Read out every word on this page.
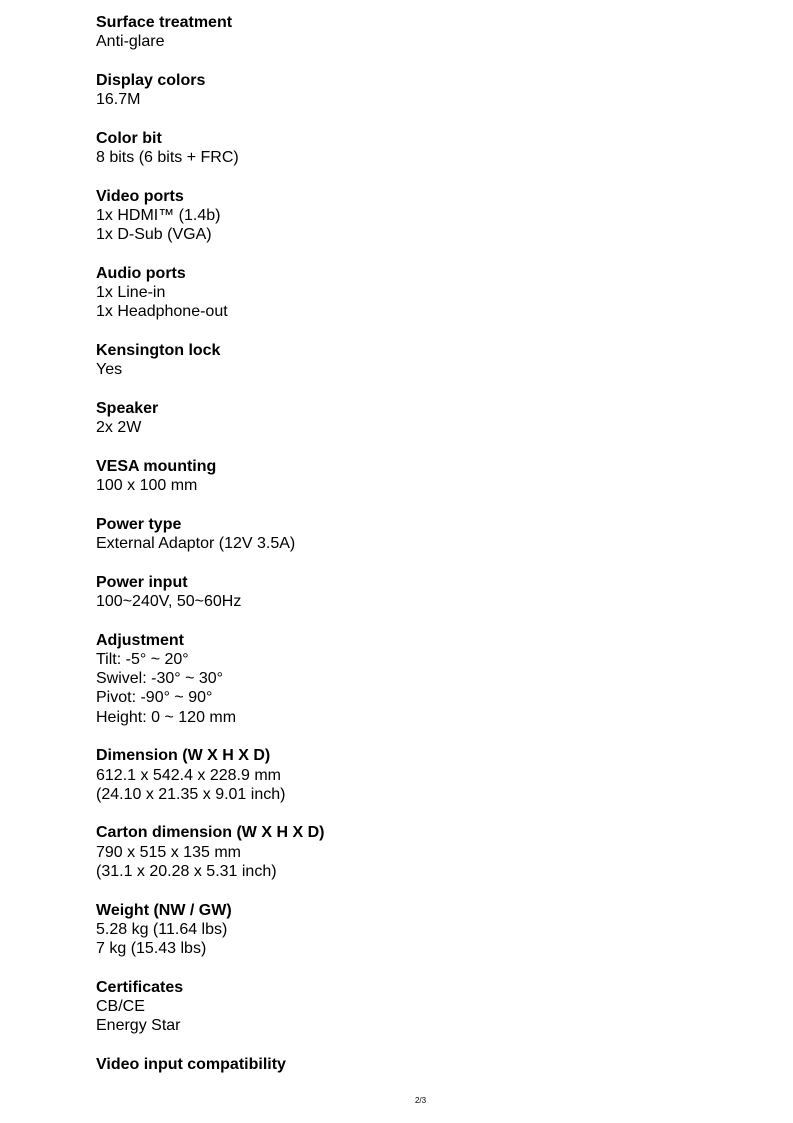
Surface treatment
Anti-glare
Display colors
16.7M
Color bit
8 bits (6 bits + FRC)
Video ports
1x HDMI™ (1.4b)
1x D-Sub (VGA)
Audio ports
1x Line-in
1x Headphone-out
Kensington lock
Yes
Speaker
2x 2W
VESA mounting
100 x 100 mm
Power type
External Adaptor (12V 3.5A)
Power input
100~240V, 50~60Hz
Adjustment
Tilt: -5° ~ 20°
Swivel: -30° ~ 30°
Pivot: -90° ~ 90°
Height: 0 ~ 120 mm
Dimension (W X H X D)
612.1 x 542.4 x 228.9 mm
(24.10 x 21.35 x 9.01 inch)
Carton dimension (W X H X D)
790 x 515 x 135 mm
(31.1 x 20.28 x 5.31 inch)
Weight (NW / GW)
5.28 kg (11.64 lbs)
7 kg (15.43 lbs)
Certificates
CB/CE
Energy Star
Video input compatibility
2/3
